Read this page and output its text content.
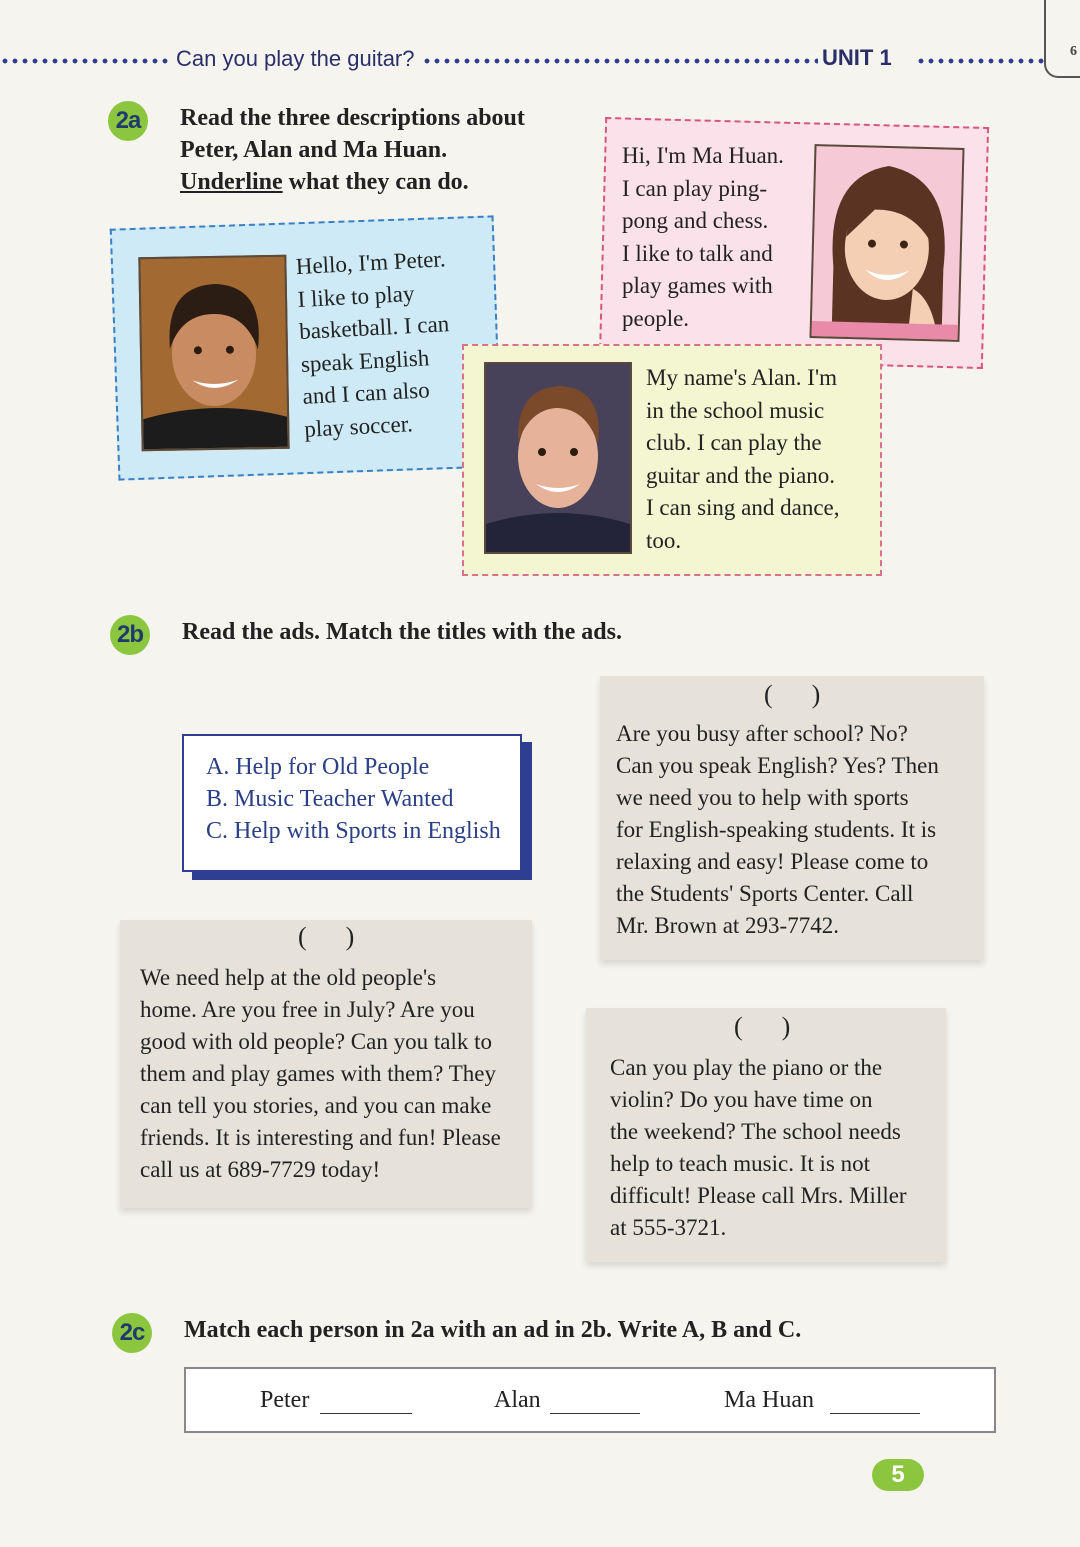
Can you play the guitar?	UNIT 1	6
2a	Read the three descriptions about
Peter, Alan and Ma Huan.
Underline what they can do.
Hi, I'm Ma Huan.
I can play ping-
pong and chess.
I like to talk and
play games with
people.
Hello, I'm Peter.
I like to play
basketball. I can
speak English
and I can also
play soccer.
My name's Alan. I'm
in the school music
club. I can play the
guitar and the piano.
I can sing and dance,
too.
2b Read the ads. Match the titles with the ads.
A. Help for Old People
B. Music Teacher Wanted
C. Help with Sports in English
(      )
Are you busy after school? No?
Can you speak English? Yes? Then
we need you to help with sports
for English-speaking students. It is
relaxing and easy! Please come to
the Students' Sports Center. Call
Mr. Brown at 293-7742.
(      )
We need help at the old people's
home. Are you free in July? Are you
good with old people? Can you talk to
them and play games with them? They
can tell you stories, and you can make
friends. It is interesting and fun! Please
call us at 689-7729 today!
(      )
Can you play the piano or the
violin? Do you have time on
the weekend? The school needs
help to teach music. It is not
difficult! Please call Mrs. Miller
at 555-3721.
2c	Match each person in 2a with an ad in 2b. Write A, B and C.
Peter	Alan	Ma Huan
5
